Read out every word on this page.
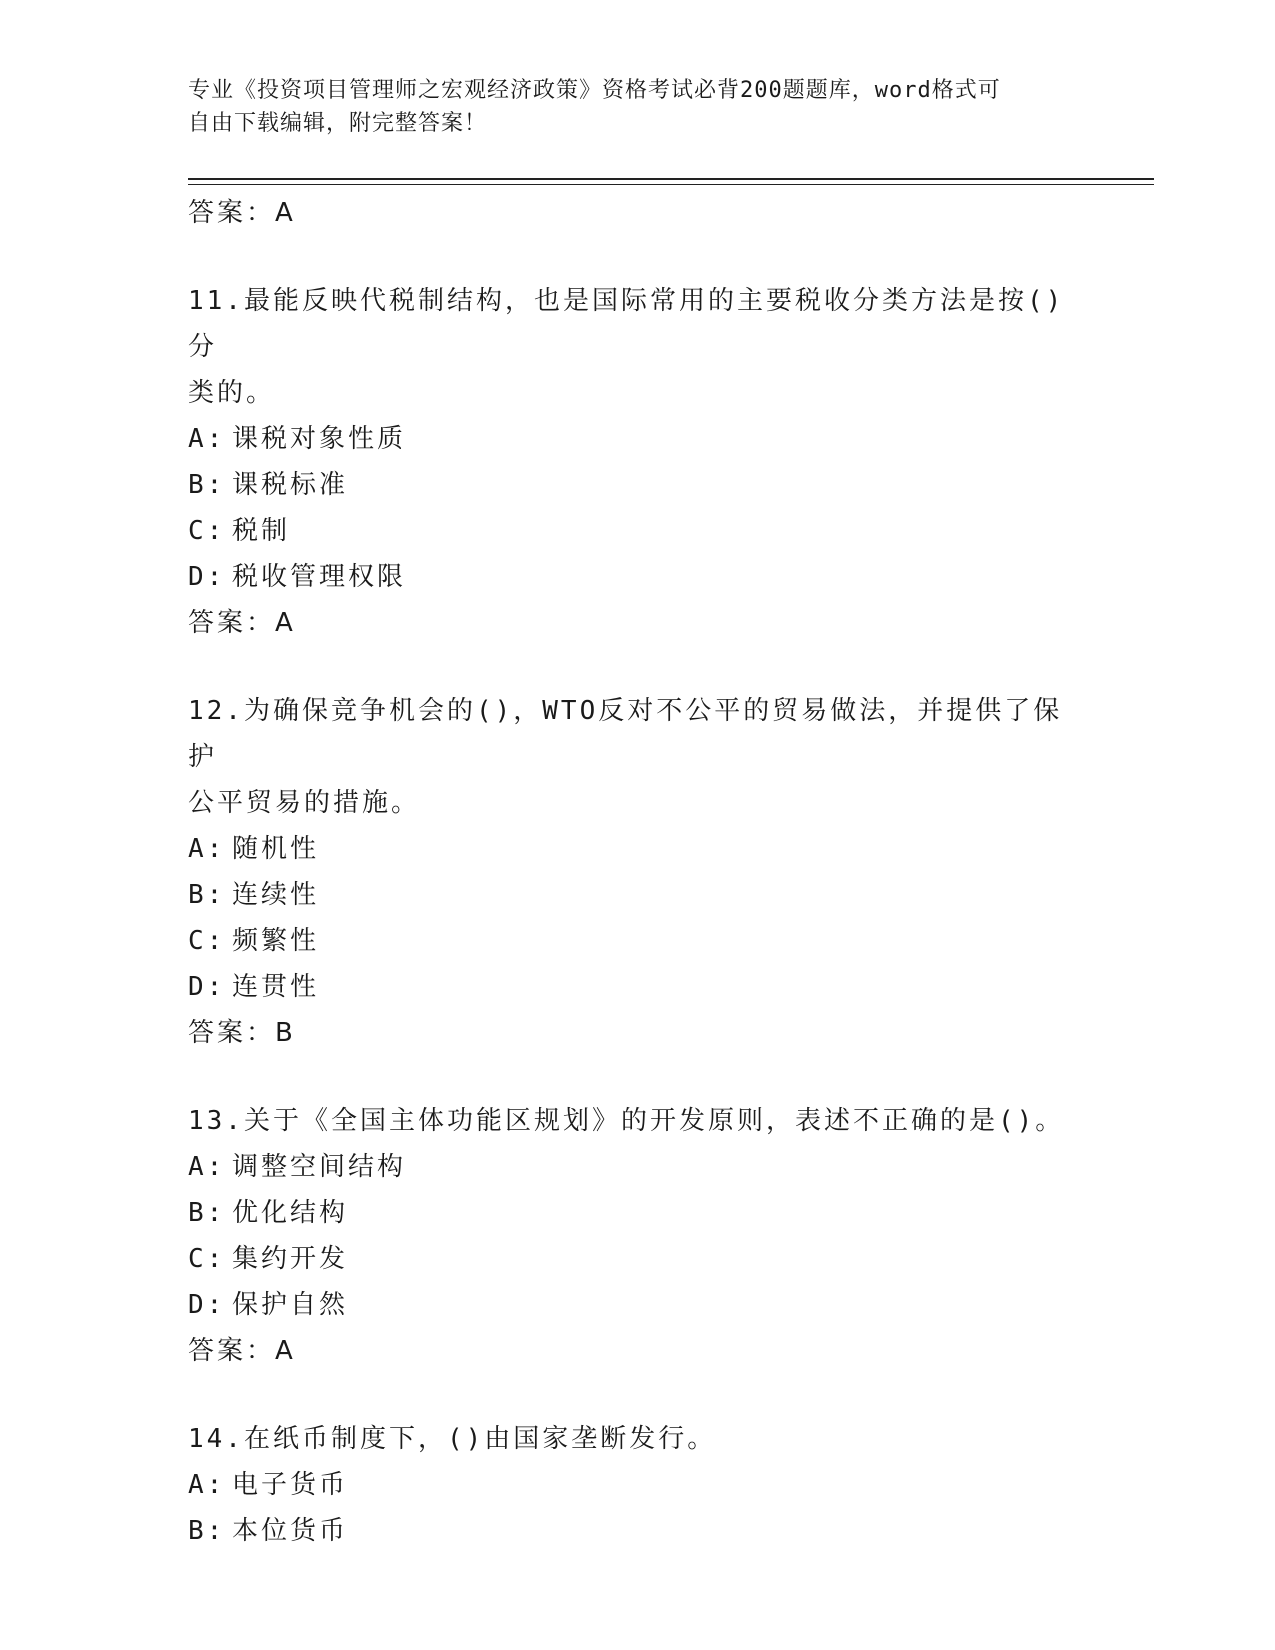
专业《投资项目管理师之宏观经济政策》资格考试必背200题题库，word格式可
自由下载编辑，附完整答案！
答案：A
11.最能反映代税制结构，也是国际常用的主要税收分类方法是按()分
类的。
A: 课税对象性质
B: 课税标准
C: 税制
D: 税收管理权限
答案：A
12.为确保竞争机会的()，WTO反对不公平的贸易做法，并提供了保护
公平贸易的措施。
A: 随机性
B: 连续性
C: 频繁性
D: 连贯性
答案：B
13.关于《全国主体功能区规划》的开发原则，表述不正确的是()。
A: 调整空间结构
B: 优化结构
C: 集约开发
D: 保护自然
答案：A
14.在纸币制度下，()由国家垄断发行。
A: 电子货币
B: 本位货币
